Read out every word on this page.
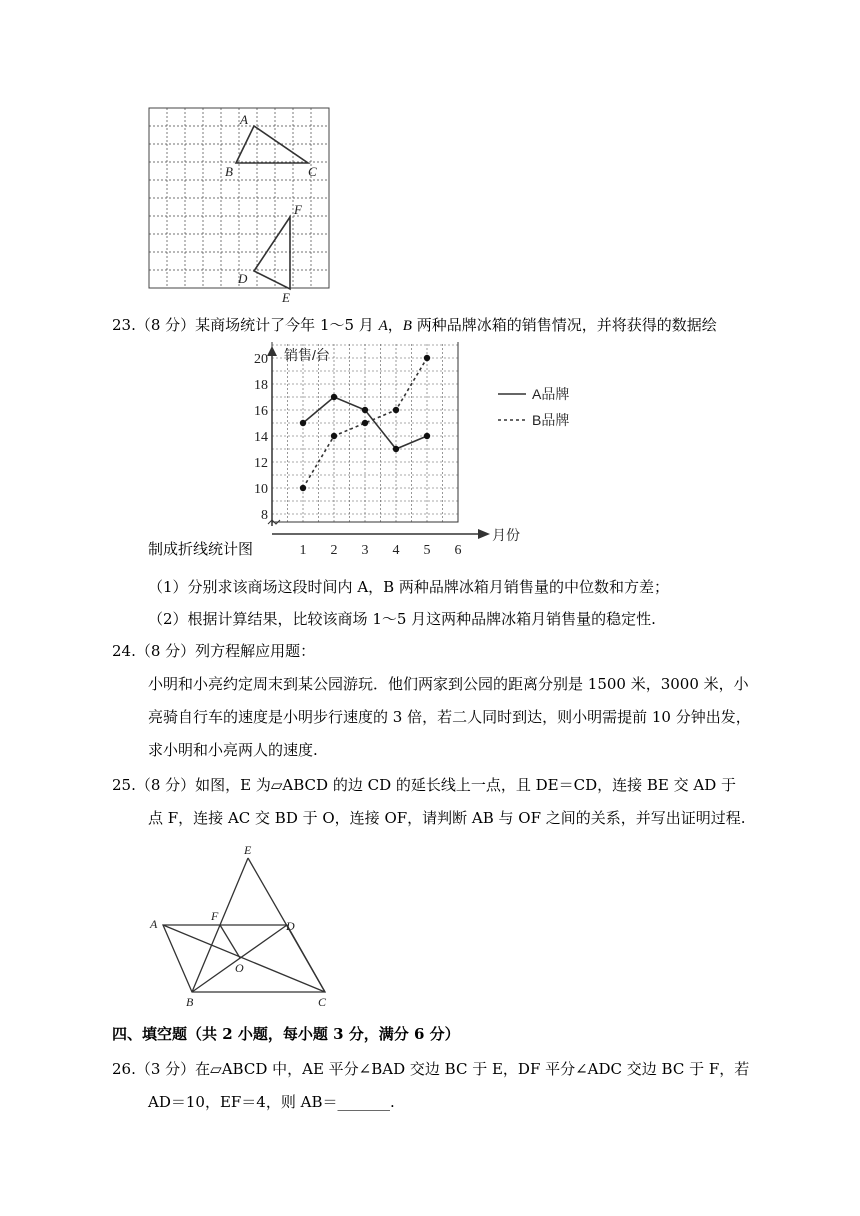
A
B	C
D
E
F
23.（8 分）某商场统计了今年 1～5 月 A，B 两种品牌冰箱的销售情况，并将获得的数据绘
销售/台
月份
8
10
12
14
16
18
20
1 2 3 4 5 6
A品牌
B品牌
制成折线统计图
（1）分别求该商场这段时间内 A，B 两种品牌冰箱月销售量的中位数和方差；
（2）根据计算结果，比较该商场 1～5 月这两种品牌冰箱月销售量的稳定性.
24.（8 分）列方程解应用题：
小明和小亮约定周末到某公园游玩．他们两家到公园的距离分别是 1500 米，3000 米，小
亮骑自行车的速度是小明步行速度的 3 倍，若二人同时到达，则小明需提前 10 分钟出发，
求小明和小亮两人的速度.
25.（8 分）如图，E 为▱ABCD 的边 CD 的延长线上一点，且 DE＝CD，连接 BE 交 AD 于
点 F，连接 AC 交 BD 于 O，连接 OF，请判断 AB 与 OF 之间的关系，并写出证明过程.
E
A
F
D
O
B	C
四、填空题（共 2 小题，每小题 3 分，满分 6 分）
26.（3 分）在▱ABCD 中，AE 平分∠BAD 交边 BC 于 E，DF 平分∠ADC 交边 BC 于 F，若
AD＝10，EF＝4，则 AB＝_______.
